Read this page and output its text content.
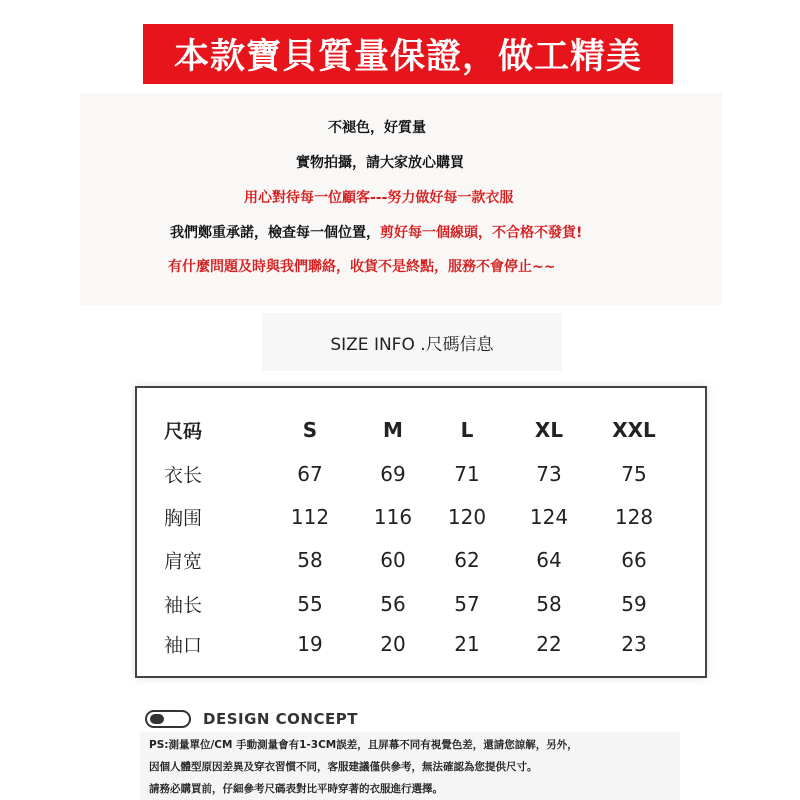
本款寶貝質量保證，做工精美
不褪色，好質量
實物拍攝，請大家放心購買
用心對待每一位顧客---努力做好每一款衣服
我們鄭重承諾，檢查每一個位置，剪好每一個線頭，不合格不發貨!
有什麼問題及時與我們聯絡，收貨不是終點，服務不會停止~~
SIZE INFO .尺碼信息
尺码	S	M	L	XL XXL
衣长	67	69 71	73	75
胸围	112 116 120 124 128
肩宽	58	60 62	64	66
袖长	55	56 57	58	59
袖口	19	20 21	22	23
DESIGN CONCEPT
PS:測量單位/CM 手動測量會有1-3CM誤差，且屏幕不同有視覺色差，還請您諒解，另外，
因個人體型原因差異及穿衣習慣不同，客服建議僅供參考，無法確認為您提供尺寸。
請務必購買前，仔細參考尺碼表對比平時穿著的衣服進行選擇。
